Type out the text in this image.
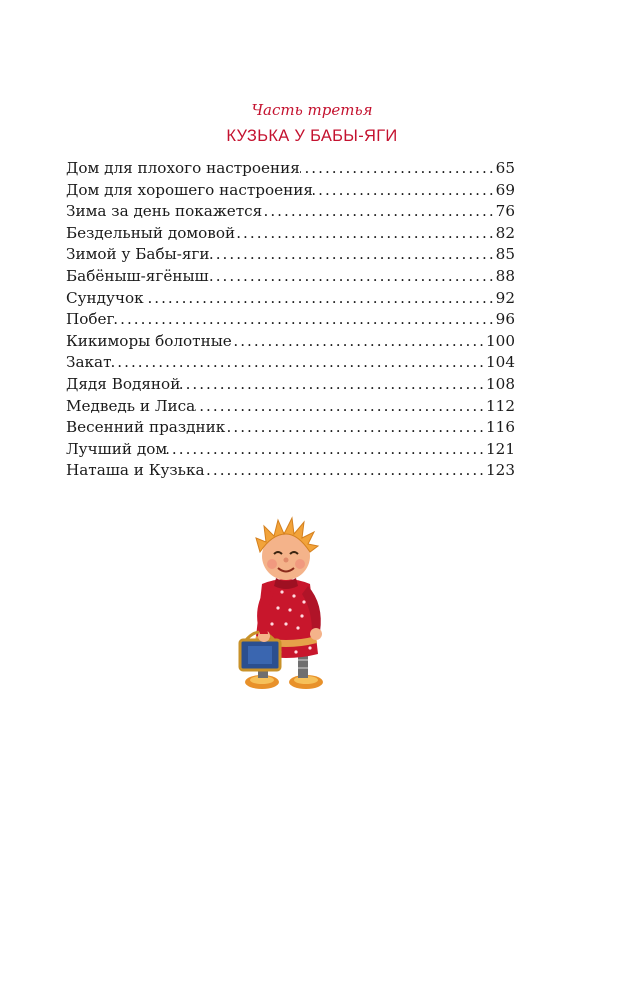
Часть третья
КУЗЬКА У БАБЫ-ЯГИ
Дом для плохого настроения .....	65
Дом для хорошего настроения .....	69
Зима за день покажется .....	76
Бездельный домовой .....	82
Зимой у Бабы-яги .....	85
Бабёныш-ягёныш .....	88
Сундучок .....	92
Побег .....	96
Кикиморы болотные .....	100
Закат .....	104
Дядя Водяной .....	108
Медведь и Лиса .....	112
Весенний праздник .....	116
Лучший дом .....	121
Наташа и Кузька .....	123
